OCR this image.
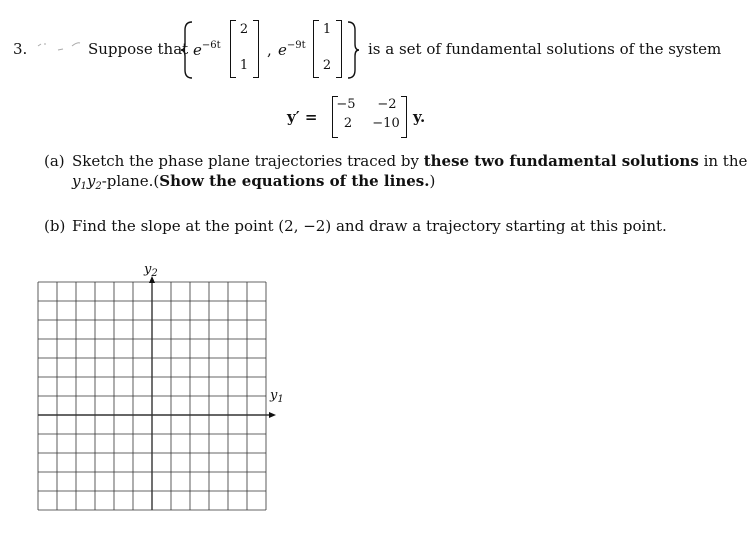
3.	Suppose that $e^{-6t}$
2
1
, $e^{-9t}$
1
2
is a set of fundamental solutions of the system
y′ =
−5	−2
2	−10 y.
(a) Sketch the phase plane trajectories traced by these two fundamental solutions in the
$y_1y_2-plane.(Show$ the equations of the lines.)
(b) Find the slope at the point (2, −2) and draw a trajectory starting at this point.
$y_2$
$y_1$
